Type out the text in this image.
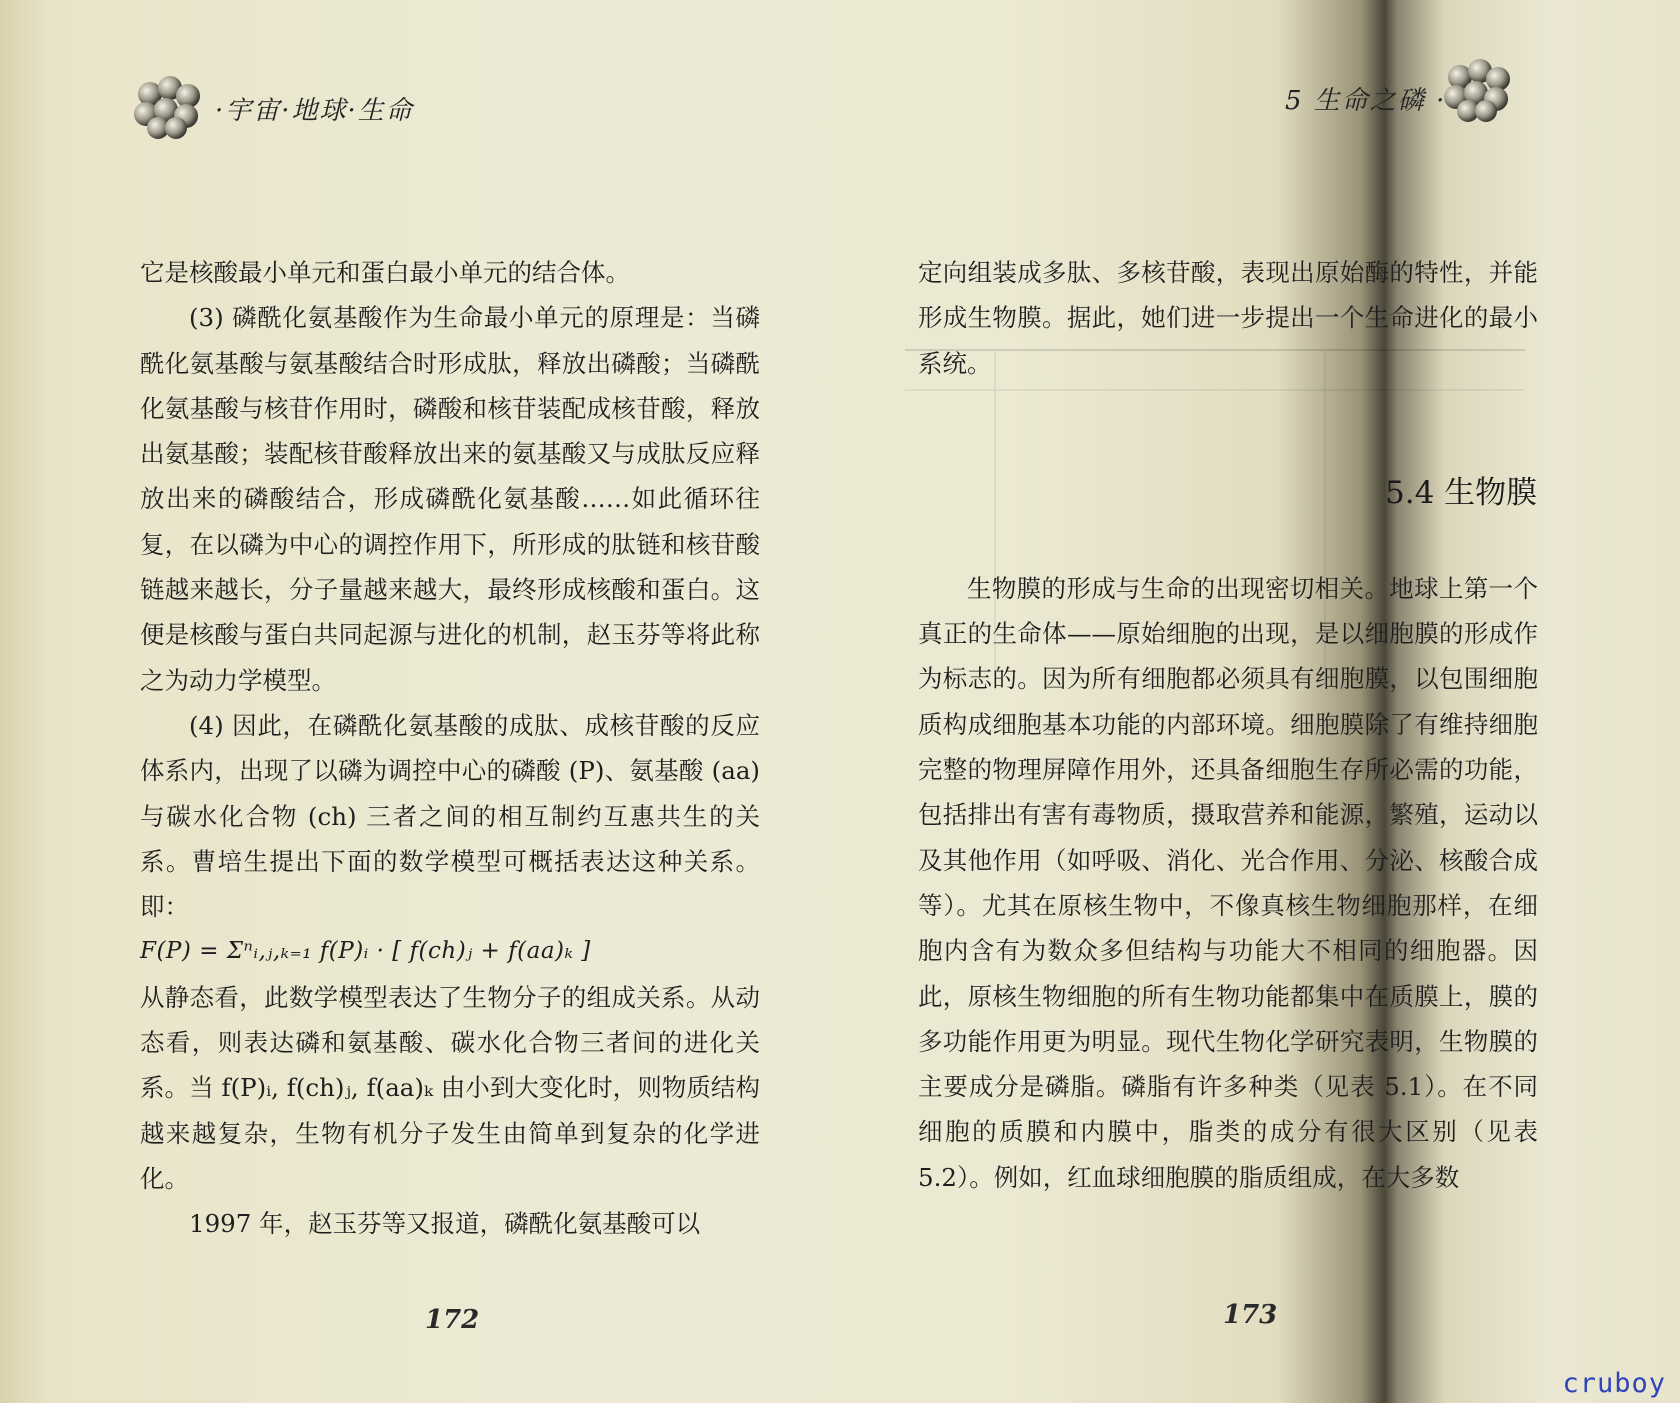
·宇宙·地球·生命

它是核酸最小单元和蛋白最小单元的结合体。

(3) 磷酰化氨基酸作为生命最小单元的原理是：当磷酰化氨基酸与氨基酸结合时形成肽，释放出磷酸；当磷酰化氨基酸与核苷作用时，磷酸和核苷装配成核苷酸，释放出氨基酸；装配核苷酸释放出来的氨基酸又与成肽反应释放出来的磷酸结合，形成磷酰化氨基酸……如此循环往复，在以磷为中心的调控作用下，所形成的肽链和核苷酸链越来越长，分子量越来越大，最终形成核酸和蛋白。这便是核酸与蛋白共同起源与进化的机制，赵玉芬等将此称之为动力学模型。

(4) 因此，在磷酰化氨基酸的成肽、成核苷酸的反应体系内，出现了以磷为调控中心的磷酸 (P)、氨基酸 (aa) 与碳水化合物 (ch) 三者之间的相互制约互惠共生的关系。曹培生提出下面的数学模型可概括表达这种关系。即：

F(P) = Σⁿᵢ,ⱼ,ₖ₌₁ f(P)ᵢ · [ f(ch)ⱼ + f(aa)ₖ ]

从静态看，此数学模型表达了生物分子的组成关系。从动态看，则表达磷和氨基酸、碳水化合物三者间的进化关系。当 f(P)ᵢ, f(ch)ⱼ, f(aa)ₖ 由小到大变化时，则物质结构越来越复杂，生物有机分子发生由简单到复杂的化学进化。

1997 年，赵玉芬等又报道，磷酰化氨基酸可以

172
5 生命之磷 ·

定向组装成多肽、多核苷酸，表现出原始酶的特性，并能形成生物膜。据此，她们进一步提出一个生命进化的最小系统。

生物膜的形成与生命的出现密切相关。地球上第一个真正的生命体——原始细胞的出现，是以细胞膜的形成作为标志的。因为所有细胞都必须具有细胞膜，以包围细胞质构成细胞基本功能的内部环境。细胞膜除了有维持细胞完整的物理屏障作用外，还具备细胞生存所必需的功能，包括排出有害有毒物质，摄取营养和能源，繁殖，运动以及其他作用（如呼吸、消化、光合作用、分泌、核酸合成等）。尤其在原核生物中，不像真核生物细胞那样，在细胞内含有为数众多但结构与功能大不相同的细胞器。因此，原核生物细胞的所有生物功能都集中在质膜上，膜的多功能作用更为明显。现代生物化学研究表明，生物膜的主要成分是磷脂。磷脂有许多种类（见表 5.1）。在不同细胞的质膜和内膜中，脂类的成分有很大区别（见表 5.2）。例如，红血球细胞膜的脂质组成，在大多数

5.4 生物膜
173
cruboy
